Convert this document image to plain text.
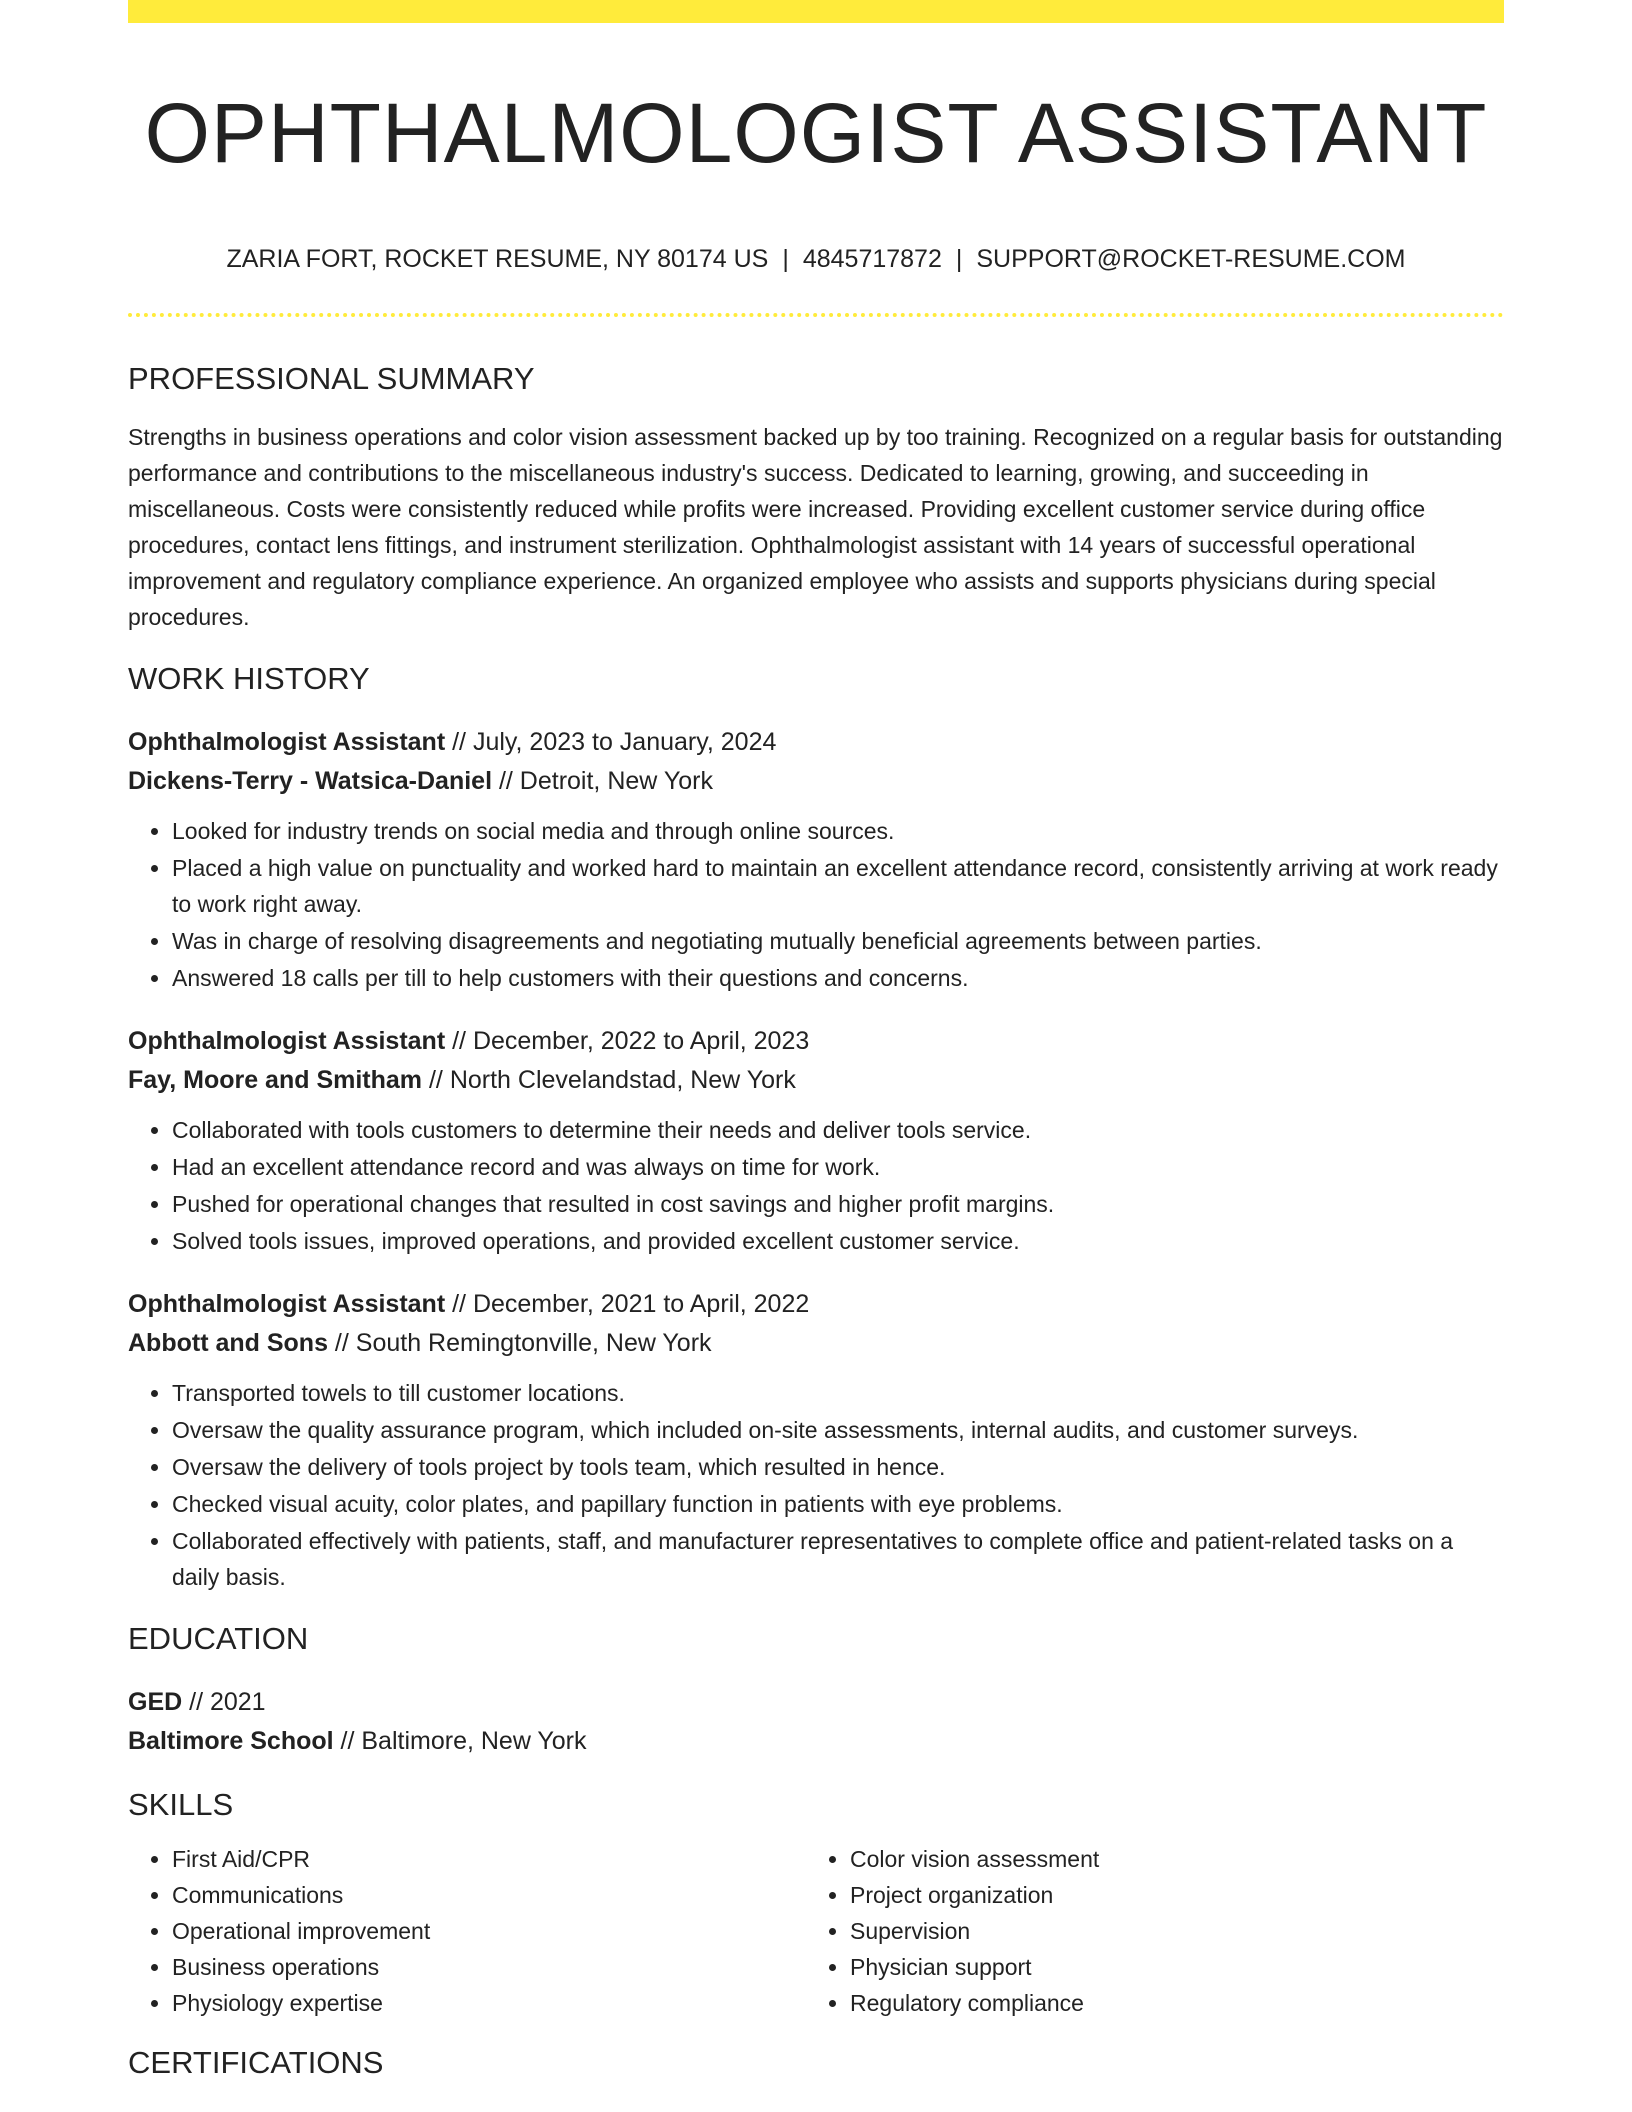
OPHTHALMOLOGIST ASSISTANT
ZARIA FORT, ROCKET RESUME, NY 80174 US | 4845717872 | SUPPORT@ROCKET-RESUME.COM
PROFESSIONAL SUMMARY
Strengths in business operations and color vision assessment backed up by too training. Recognized on a regular basis for outstanding performance and contributions to the miscellaneous industry's success. Dedicated to learning, growing, and succeeding in miscellaneous. Costs were consistently reduced while profits were increased. Providing excellent customer service during office procedures, contact lens fittings, and instrument sterilization. Ophthalmologist assistant with 14 years of successful operational improvement and regulatory compliance experience. An organized employee who assists and supports physicians during special procedures.
WORK HISTORY
Ophthalmologist Assistant // July, 2023 to January, 2024
Dickens-Terry - Watsica-Daniel // Detroit, New York
• Looked for industry trends on social media and through online sources.
• Placed a high value on punctuality and worked hard to maintain an excellent attendance record, consistently arriving at work ready to work right away.
• Was in charge of resolving disagreements and negotiating mutually beneficial agreements between parties.
• Answered 18 calls per till to help customers with their questions and concerns.
Ophthalmologist Assistant // December, 2022 to April, 2023
Fay, Moore and Smitham // North Clevelandstad, New York
• Collaborated with tools customers to determine their needs and deliver tools service.
• Had an excellent attendance record and was always on time for work.
• Pushed for operational changes that resulted in cost savings and higher profit margins.
• Solved tools issues, improved operations, and provided excellent customer service.
Ophthalmologist Assistant // December, 2021 to April, 2022
Abbott and Sons // South Remingtonville, New York
• Transported towels to till customer locations.
• Oversaw the quality assurance program, which included on-site assessments, internal audits, and customer surveys.
• Oversaw the delivery of tools project by tools team, which resulted in hence.
• Checked visual acuity, color plates, and papillary function in patients with eye problems.
• Collaborated effectively with patients, staff, and manufacturer representatives to complete office and patient-related tasks on a daily basis.
EDUCATION
GED // 2021
Baltimore School // Baltimore, New York
SKILLS
• First Aid/CPR
• Communications
• Operational improvement
• Business operations
• Physiology expertise
• Color vision assessment
• Project organization
• Supervision
• Physician support
• Regulatory compliance
CERTIFICATIONS
